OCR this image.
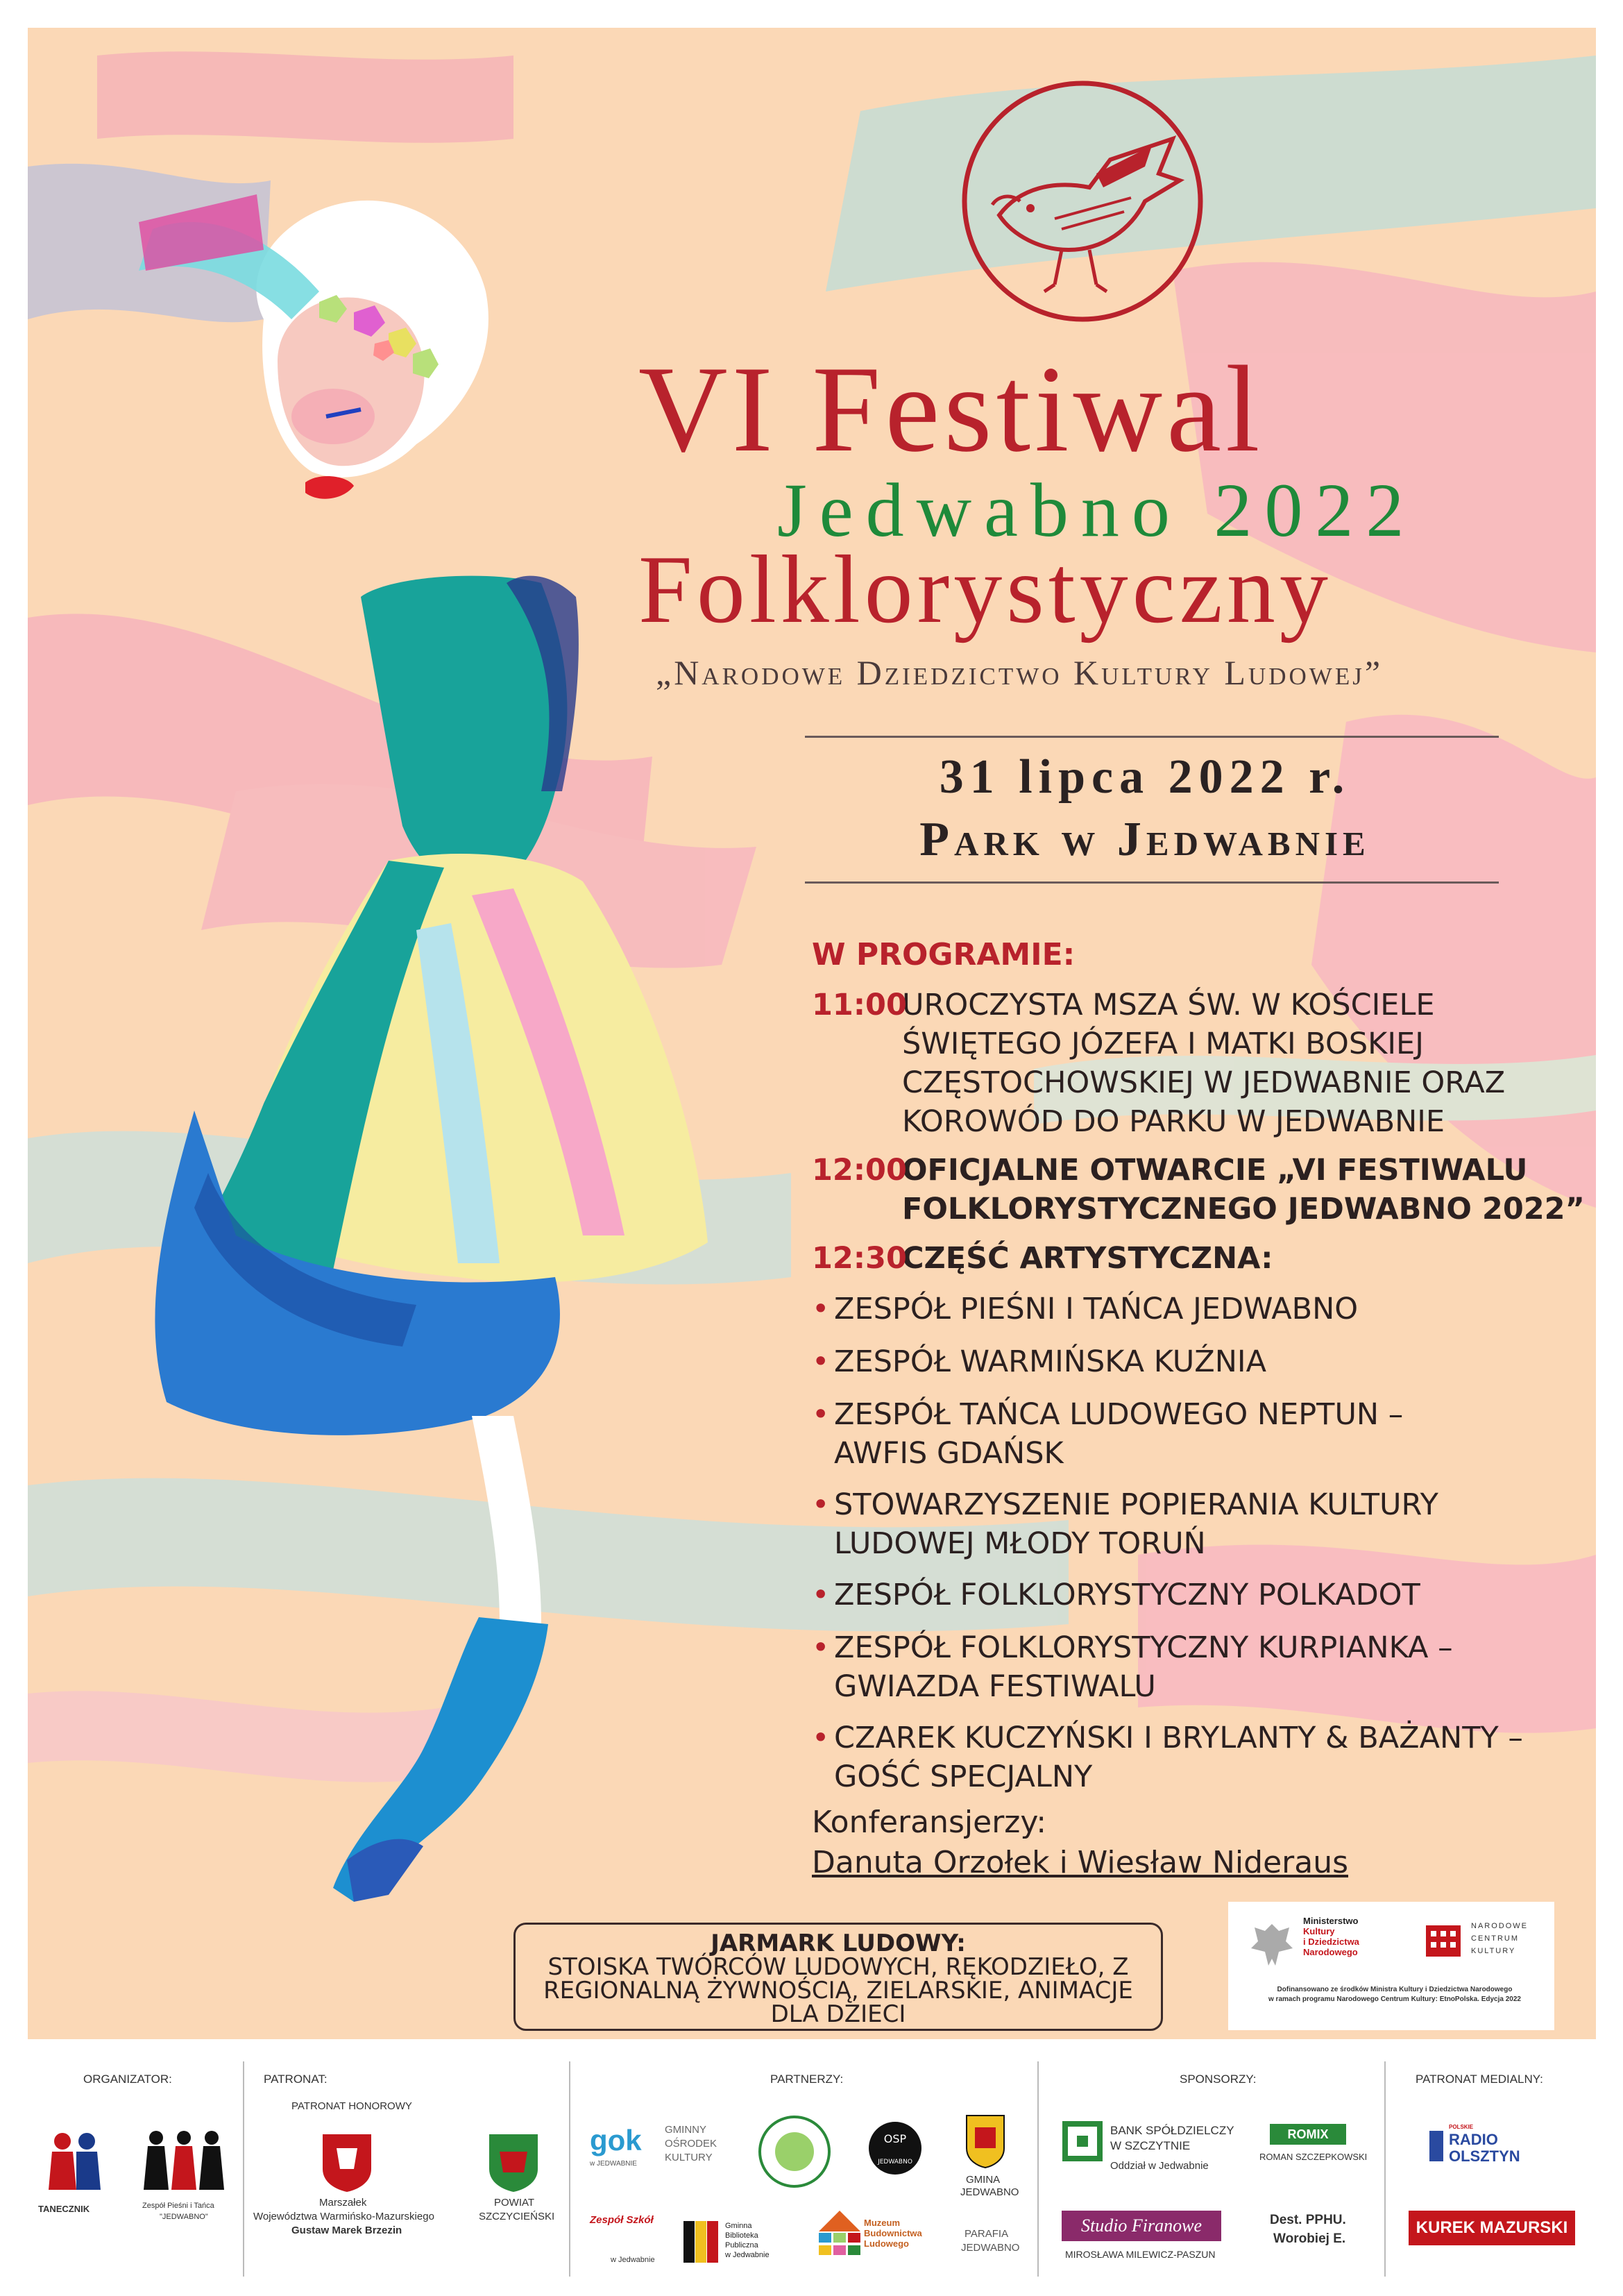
VI Festiwal
Jedwabno 2022
Folklorystyczny
„Narodowe Dziedzictwo Kultury Ludowej”
31 lipca 2022 r.
Park w Jedwabnie
W PROGRAMIE:
11:00
UROCZYSTA MSZA ŚW. W KOŚCIELE ŚWIĘTEGO JÓZEFA I MATKI BOSKIEJ CZĘSTOCHOWSKIEJ W JEDWABNIE ORAZ KOROWÓD DO PARKU W JEDWABNIE
12:00
OFICJALNE OTWARCIE „VI FESTIWALU FOLKLORYSTYCZNEGO JEDWABNO 2022”
12:30
CZĘŚĆ ARTYSTYCZNA:
• ZESPÓŁ PIEŚNI I TAŃCA JEDWABNO
• ZESPÓŁ WARMIŃSKA KUŹNIA
• ZESPÓŁ TAŃCA LUDOWEGO NEPTUN – AWFIS GDAŃSK
• STOWARZYSZENIE POPIERANIA KULTURY LUDOWEJ MŁODY TORUŃ
• ZESPÓŁ FOLKLORYSTYCZNY POLKADOT
• ZESPÓŁ FOLKLORYSTYCZNY KURPIANKA – GWIAZDA FESTIWALU
• CZAREK KUCZYŃSKI I BRYLANTY & BAŻANTY – GOŚĆ SPECJALNY
Konferansjerzy:
Danuta Orzołek i Wiesław Nideraus
JARMARK LUDOWY:
STOISKA TWÓRCÓW LUDOWYCH, RĘKODZIEŁO, Z REGIONALNĄ ŻYWNOŚCIĄ, ZIELARSKIE, ANIMACJE DLA DZIECI
Ministerstwo
Kultury
i Dziedzictwa
Narodowego
NARODOWE
CENTRUM
KULTURY
Dofinansowano ze środków Ministra Kultury i Dziedzictwa Narodowego
w ramach programu Narodowego Centrum Kultury: EtnoPolska. Edycja 2022
ORGANIZATOR:
TANECZNIK	Zespół Pieśni i Tańca
"JEDWABNO"
PATRONAT:
PATRONAT HONOROWY
Marszałek
Województwa Warmińsko-Mazurskiego
Gustaw Marek Brzezin
POWIAT
SZCZYCIEŃSKI
PARTNERZY:
gok
w JEDWABNIE
GMINNY
OŚRODEK
KULTURY
OSP
JEDWABNO
GMINA
JEDWABNO
Zespół Szkół
w Jedwabnie
Gminna
Biblioteka
Publiczna
w Jedwabnie
Muzeum
Budownictwa
Ludowego
PARAFIA
JEDWABNO
SPONSORZY:
BANK SPÓŁDZIELCZY
W SZCZYTNIE
Oddział w Jedwabnie
ROMIX
ROMAN SZCZEPKOWSKI
Studio Firanowe
MIROSŁAWA MILEWICZ-PASZUN
Dest. PPHU.
Worobiej E.
PATRONAT MEDIALNY:
POLSKIE
RADIO
OLSZTYN
KUREK MAZURSKI
